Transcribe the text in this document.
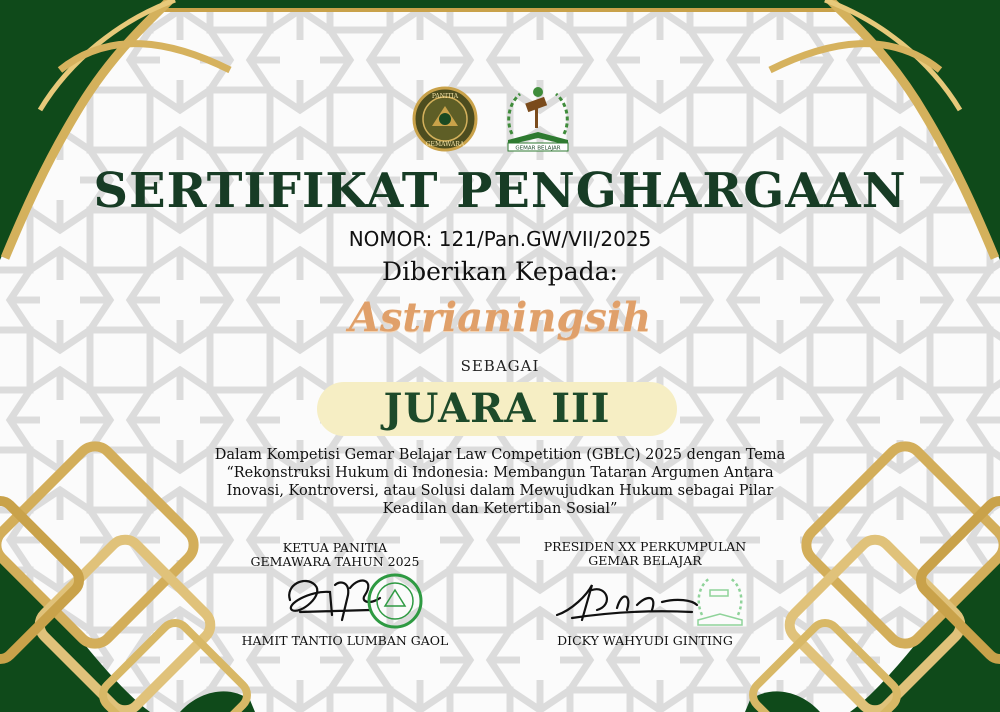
PANITIA
GEMAWARA
GEMAR BELAJAR
SERTIFIKAT PENGHARGAAN
NOMOR: 121/Pan.GW/VII/2025
Diberikan Kepada:
Astrianingsih
SEBAGAI
JUARA III
Dalam Kompetisi Gemar Belajar Law Competition (GBLC) 2025 dengan Tema
“Rekonstruksi Hukum di Indonesia: Membangun Tataran Argumen Antara
Inovasi, Kontroversi, atau Solusi dalam Mewujudkan Hukum sebagai Pilar
Keadilan dan Ketertiban Sosial”
KETUA PANITIA
GEMAWARA TAHUN 2025
HAMIT TANTIO LUMBAN GAOL
PRESIDEN XX PERKUMPULAN
GEMAR BELAJAR
DICKY WAHYUDI GINTING
